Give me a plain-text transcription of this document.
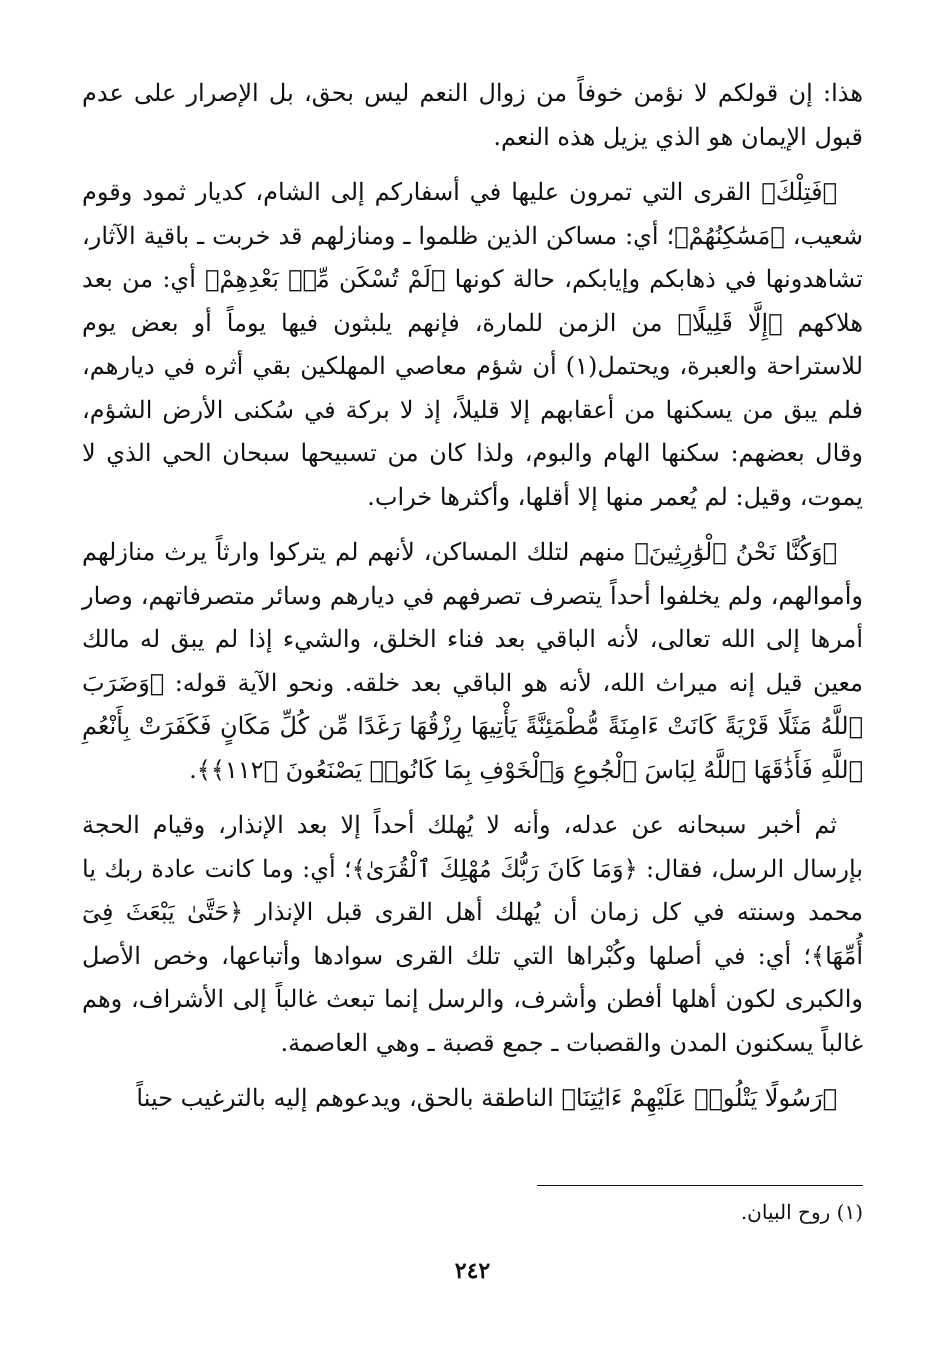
هذا: إن قولكم لا نؤمن خوفاً من زوال النعم ليس بحق، بل الإصرار على عدم قبول الإيمان هو الذي يزيل هذه النعم.

﴿فَتِلْكَ﴾ القرى التي تمرون عليها في أسفاركم إلى الشام، كديار ثمود وقوم شعيب، ﴿مَسَٰكِنُهُمْ﴾؛ أي: مساكن الذين ظلموا ـ ومنازلهم قد خربت ـ باقية الآثار، تشاهدونها في ذهابكم وإيابكم، حالة كونها ﴿لَمْ تُسْكَن مِّنۢ بَعْدِهِمْ﴾ أي: من بعد هلاكهم ﴿إِلَّا قَلِيلًا﴾ من الزمن للمارة، فإنهم يلبثون فيها يوماً أو بعض يوم للاستراحة والعبرة، ويحتمل(١) أن شؤم معاصي المهلكين بقي أثره في ديارهم، فلم يبق من يسكنها من أعقابهم إلا قليلاً، إذ لا بركة في سُكنى الأرض الشؤم، وقال بعضهم: سكنها الهام والبوم، ولذا كان من تسبيحها سبحان الحي الذي لا يموت، وقيل: لم يُعمر منها إلا أقلها، وأكثرها خراب.

﴿وَكُنَّا نَحْنُ ٱلْوَٰرِثِينَ﴾ منهم لتلك المساكن، لأنهم لم يتركوا وارثاً يرث منازلهم وأموالهم، ولم يخلفوا أحداً يتصرف تصرفهم في ديارهم وسائر متصرفاتهم، وصار أمرها إلى الله تعالى، لأنه الباقي بعد فناء الخلق، والشيء إذا لم يبق له مالك معين قيل إنه ميراث الله، لأنه هو الباقي بعد خلقه. ونحو الآية قوله: ﴿وَضَرَبَ ٱللَّهُ مَثَلًا قَرْيَةً كَانَتْ ءَامِنَةً مُّطْمَئِنَّةً يَأْتِيهَا رِزْقُهَا رَغَدًا مِّن كُلِّ مَكَانٍ فَكَفَرَتْ بِأَنْعُمِ ٱللَّهِ فَأَذَٰقَهَا ٱللَّهُ لِبَاسَ ٱلْجُوعِ وَٱلْخَوْفِ بِمَا كَانُوا۟ يَصْنَعُونَ ﴿١١٢﴾﴾.

ثم أخبر سبحانه عن عدله، وأنه لا يُهلك أحداً إلا بعد الإنذار، وقيام الحجة بإرسال الرسل، فقال: ﴿وَمَا كَانَ رَبُّكَ مُهْلِكَ ٱلْقُرَىٰ﴾؛ أي: وما كانت عادة ربك يا محمد وسنته في كل زمان أن يُهلك أهل القرى قبل الإنذار ﴿حَتَّىٰ يَبْعَثَ فِىٓ أُمِّهَا﴾؛ أي: في أصلها وكُبْراها التي تلك القرى سوادها وأتباعها، وخص الأصل والكبرى لكون أهلها أفطن وأشرف، والرسل إنما تبعث غالباً إلى الأشراف، وهم غالباً يسكنون المدن والقصبات ـ جمع قصبة ـ وهي العاصمة.

﴿رَسُولًا يَتْلُوا۟ عَلَيْهِمْ ءَايَٰتِنَا﴾ الناطقة بالحق، ويدعوهم إليه بالترغيب حيناً

(١) روح البيان.
٢٤٢
